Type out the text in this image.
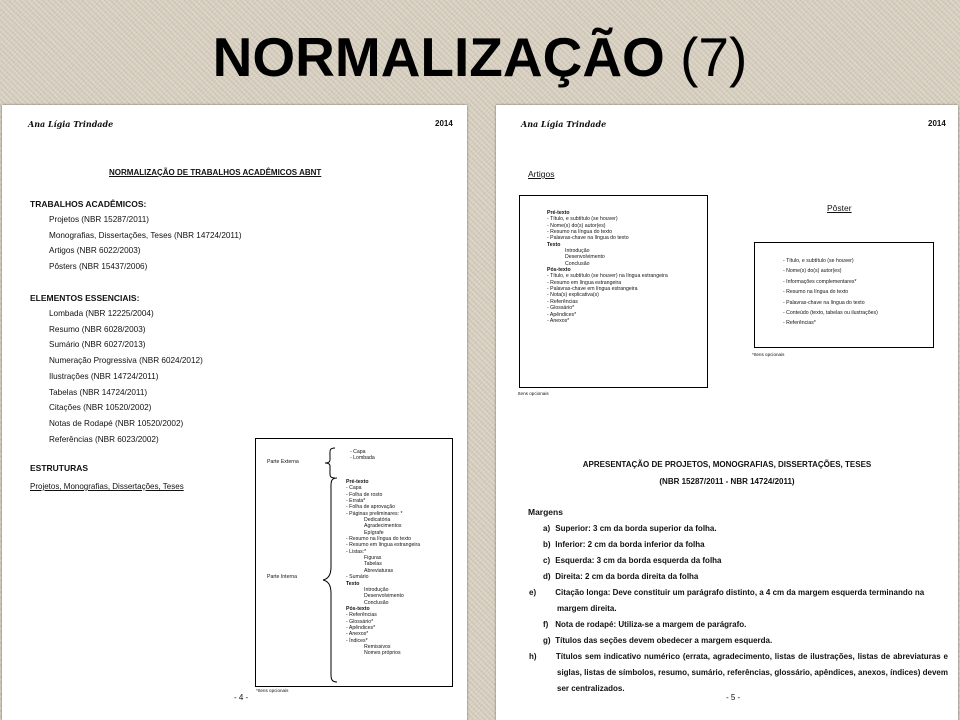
NORMALIZAÇÃO (7)
Ana Lígia Trindade	2014
NORMALIZAÇÃO DE TRABALHOS ACADÊMICOS ABNT
TRABALHOS ACADÊMICOS:
Projetos (NBR 15287/2011)
Monografias, Dissertações, Teses (NBR 14724/2011)
Artigos (NBR 6022/2003)
Pôsters (NBR 15437/2006)
ELEMENTOS ESSENCIAIS:
Lombada (NBR 12225/2004)
Resumo (NBR 6028/2003)
Sumário (NBR 6027/2013)
Numeração Progressiva (NBR 6024/2012)
Ilustrações (NBR 14724/2011)
Tabelas (NBR 14724/2011)
Citações (NBR 10520/2002)
Notas de Rodapé (NBR 10520/2002)
Referências (NBR 6023/2002)
ESTRUTURAS
Projetos, Monografias, Dissertações, Teses
Parte Externa
- Capa
- Lombada
Parte Interna
Pré-texto
- Capa
- Folha de rosto
- Errata*
- Folha de aprovação
- Páginas preliminares: *
Dedicatória
Agradecimentos
Epígrafe
- Resumo na língua do texto
- Resumo em língua estrangeira
- Listas:*
Figuras
Tabelas
Abreviaturas
- Sumário
Texto
Introdução
Desenvolvimento
Conclusão
Pós-texto
- Referências
- Glossário*
- Apêndices*
- Anexos*
- Índices*
Remissivos
Nomes próprios
*Itens opcionais
- 4 -
Ana Lígia Trindade	2014
Artigos
Pré-texto
- Título, e subtítulo (se houver)
- Nome(s) do(s) autor(es)
- Resumo na língua do texto
- Palavras-chave na língua do texto
Texto
Introdução
Desenvolvimento
Conclusão
Pós-texto
- Título, e subtítulo (se houver) na língua estrangeira
- Resumo em língua estrangeira
- Palavras-chave em língua estrangeira
- Nota(s) explicativa(s)
- Referências
- Glossário*
- Apêndices*
- Anexos*
Itens opcionais
Pôster
- Título, e subtítulo (se houver)
- Nome(s) do(s) autor(es)
- Informações complementares*
- Resumo na língua do texto
- Palavras-chave na língua do texto
- Conteúdo (texto, tabelas ou ilustrações)
- Referências*
*Itens opcionais
APRESENTAÇÃO DE PROJETOS, MONOGRAFIAS, DISSERTAÇÕES, TESES
(NBR 15287/2011 - NBR 14724/2011)
Margens
a) Superior: 3 cm da borda superior da folha.
b) Inferior: 2 cm da borda inferior da folha
c) Esquerda: 3 cm da borda esquerda da folha
d) Direita: 2 cm da borda direita da folha
e) Citação longa: Deve constituir um parágrafo distinto, a 4 cm da margem esquerda terminando na margem direita.
f) Nota de rodapé: Utiliza-se a margem de parágrafo.
g) Títulos das seções devem obedecer a margem esquerda.
h) Títulos sem indicativo numérico (errata, agradecimento, listas de ilustrações, listas de abreviaturas e siglas, listas de símbolos, resumo, sumário, referências, glossário, apêndices, anexos, índices) devem ser centralizados.
- 5 -
